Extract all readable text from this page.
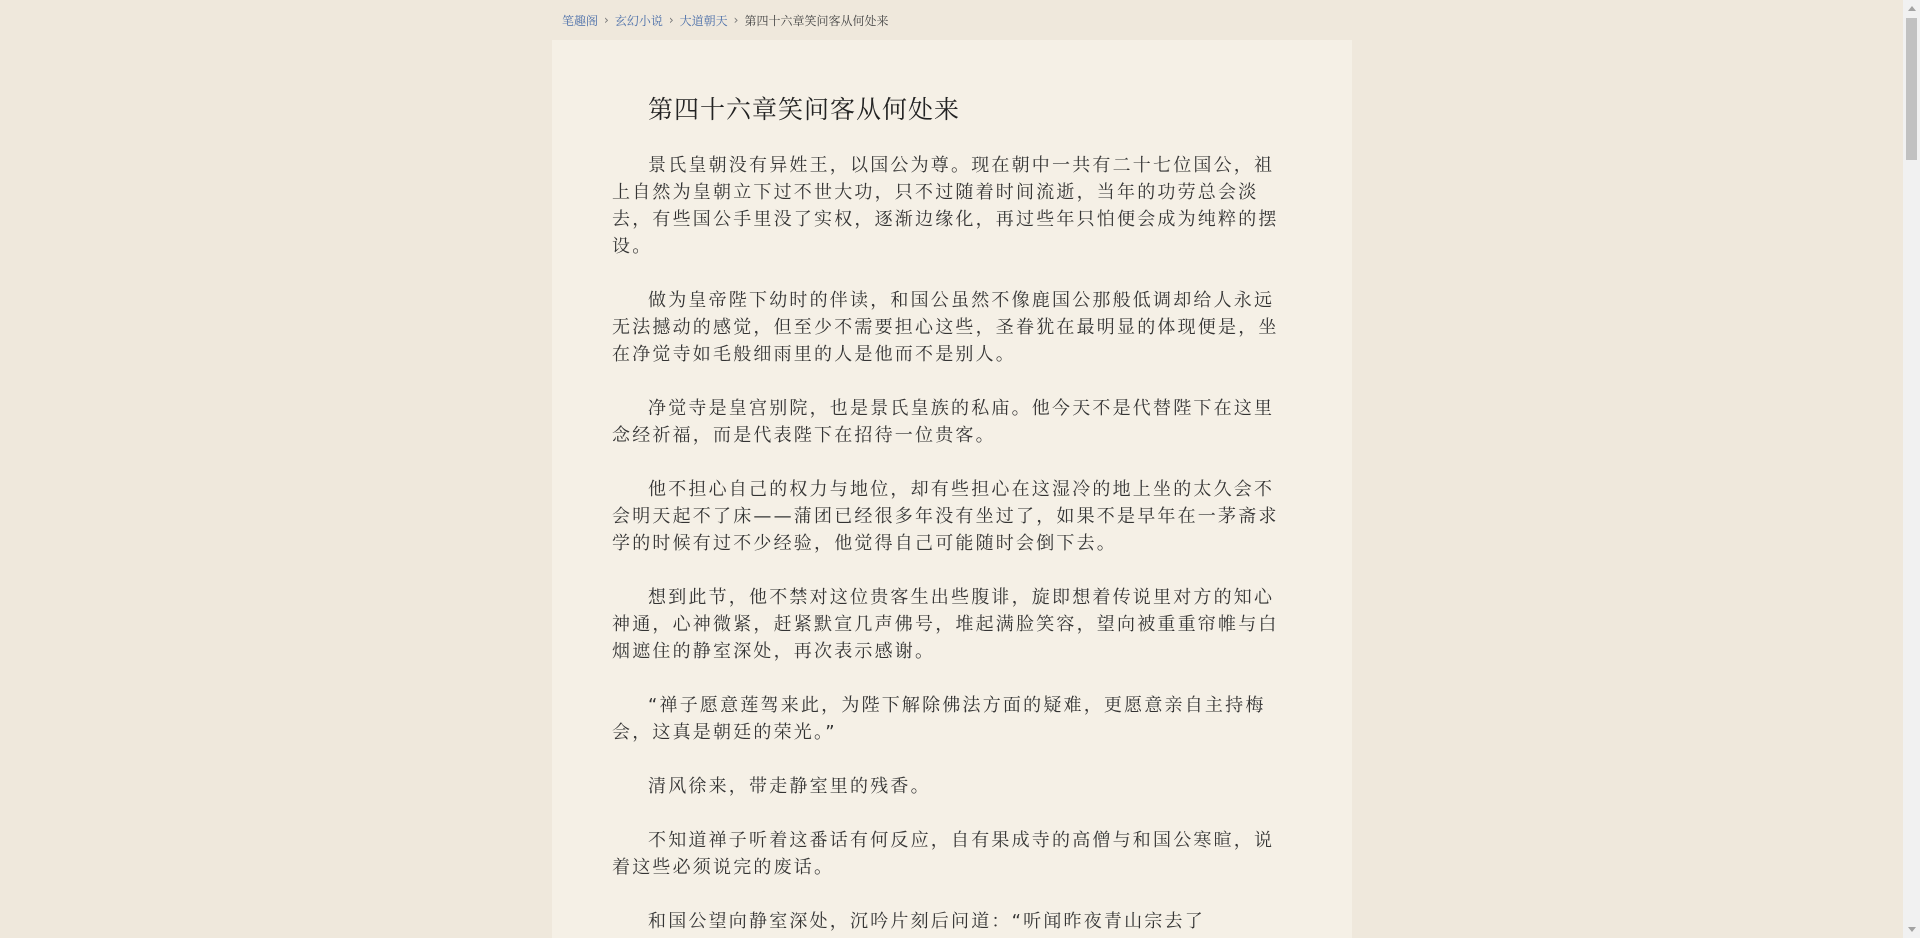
笔趣阁 › 玄幻小说 › 大道朝天 › 第四十六章笑问客从何处来
第四十六章笑问客从何处来

景氏皇朝没有异姓王，以国公为尊。现在朝中一共有二十七位国公，祖上自然为皇朝立下过不世大功，只不过随着时间流逝，当年的功劳总会淡去，有些国公手里没了实权，逐渐边缘化，再过些年只怕便会成为纯粹的摆设。

做为皇帝陛下幼时的伴读，和国公虽然不像鹿国公那般低调却给人永远无法撼动的感觉，但至少不需要担心这些，圣眷犹在最明显的体现便是，坐在净觉寺如毛般细雨里的人是他而不是别人。

净觉寺是皇宫别院，也是景氏皇族的私庙。他今天不是代替陛下在这里念经祈福，而是代表陛下在招待一位贵客。

他不担心自己的权力与地位，却有些担心在这湿冷的地上坐的太久会不会明天起不了床——蒲团已经很多年没有坐过了，如果不是早年在一茅斋求学的时候有过不少经验，他觉得自己可能随时会倒下去。

想到此节，他不禁对这位贵客生出些腹诽，旋即想着传说里对方的知心神通，心神微紧，赶紧默宣几声佛号，堆起满脸笑容，望向被重重帘帷与白烟遮住的静室深处，再次表示感谢。

“禅子愿意莲驾来此，为陛下解除佛法方面的疑难，更愿意亲自主持梅会，这真是朝廷的荣光。”

清风徐来，带走静室里的残香。

不知道禅子听着这番话有何反应，自有果成寺的高僧与和国公寒暄，说着这些必须说完的废话。

和国公望向静室深处，沉吟片刻后问道：“听闻昨夜青山宗去了
